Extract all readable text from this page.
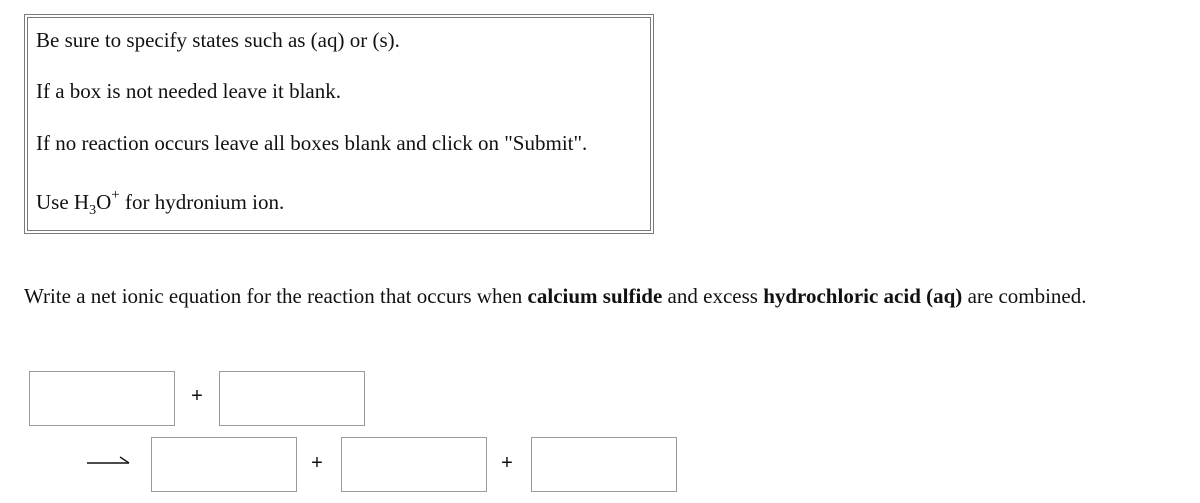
Be sure to specify states such as (aq) or (s).
If a box is not needed leave it blank.
If no reaction occurs leave all boxes blank and click on "Submit".
Use $H_3O^+$ for hydronium ion.
Write a net ionic equation for the reaction that occurs when calcium sulfide and excess hydrochloric acid (aq) are combined.
+
+	+
